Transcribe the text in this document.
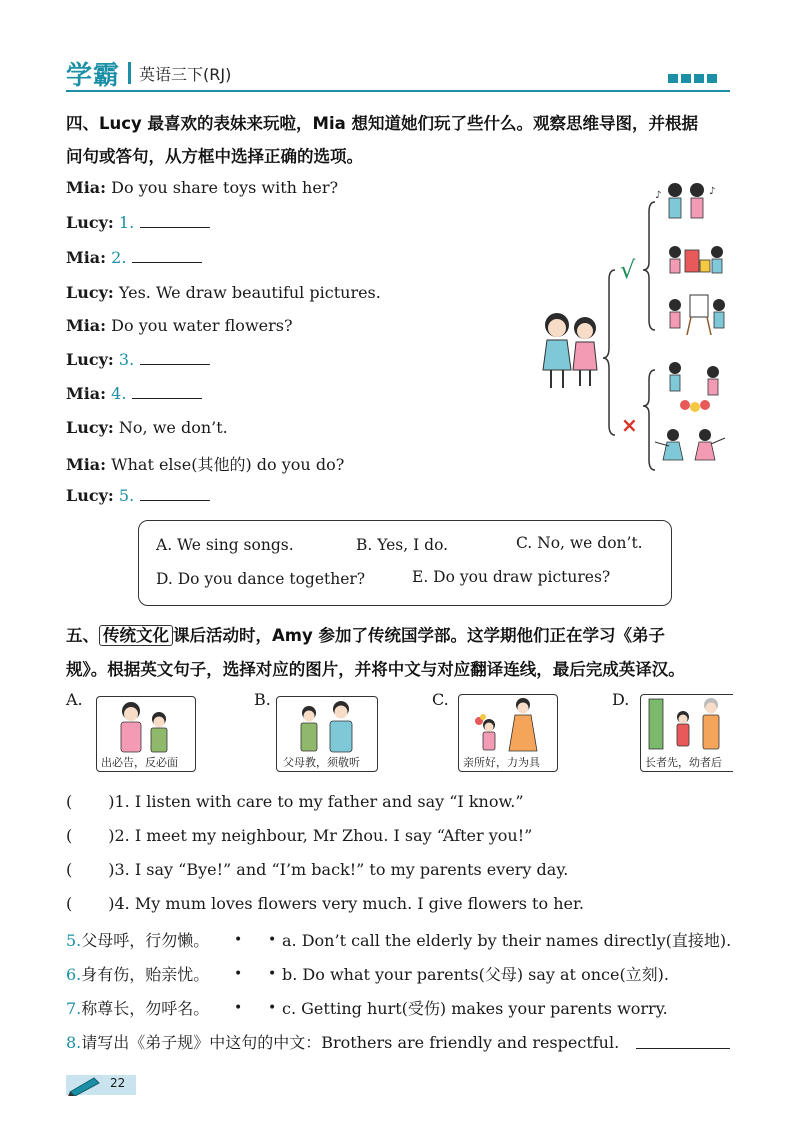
学霸 英语三下(RJ)
四、Lucy 最喜欢的表妹来玩啦，Mia 想知道她们玩了些什么。观察思维导图，并根据
问句或答句，从方框中选择正确的选项。
Mia: Do you share toys with her?
Lucy: 1.
Mia: 2.
Lucy: Yes. We draw beautiful pictures.
Mia: Do you water flowers?
Lucy: 3.
Mia: 4.
Lucy: No, we don’t.
Mia: What else(其他的) do you do?
Lucy: 5.
♪	♪
√
×
A. We sing songs.	B. Yes, I do.	C. No, we don’t.
D. Do you dance together?	E. Do you draw pictures?
五、 传统文化 课后活动时，Amy 参加了传统国学部。这学期他们正在学习《弟子
规》。根据英文句子，选择对应的图片，并将中文与对应翻译连线，最后完成英译汉。
A.
出必告，反必面
B.
父母教，须敬听
C.
亲所好，力为具
D.
长者先，幼者后
( )1. I listen with care to my father and say “I know.”
( )2. I meet my neighbour, Mr Zhou. I say “After you!”
( )3. I say “Bye!” and “I’m back!” to my parents every day.
( )4. My mum loves flowers very much. I give flowers to her.
5.父母呼，行勿懒。 • • a. Don’t call the elderly by their names directly(直接地).
6.身有伤，贻亲忧。 • • b. Do what your parents(父母) say at once(立刻).
7.称尊长，勿呼名。 • • c. Getting hurt(受伤) makes your parents worry.
8.请写出《弟子规》中这句的中文：Brothers are friendly and respectful.
22
